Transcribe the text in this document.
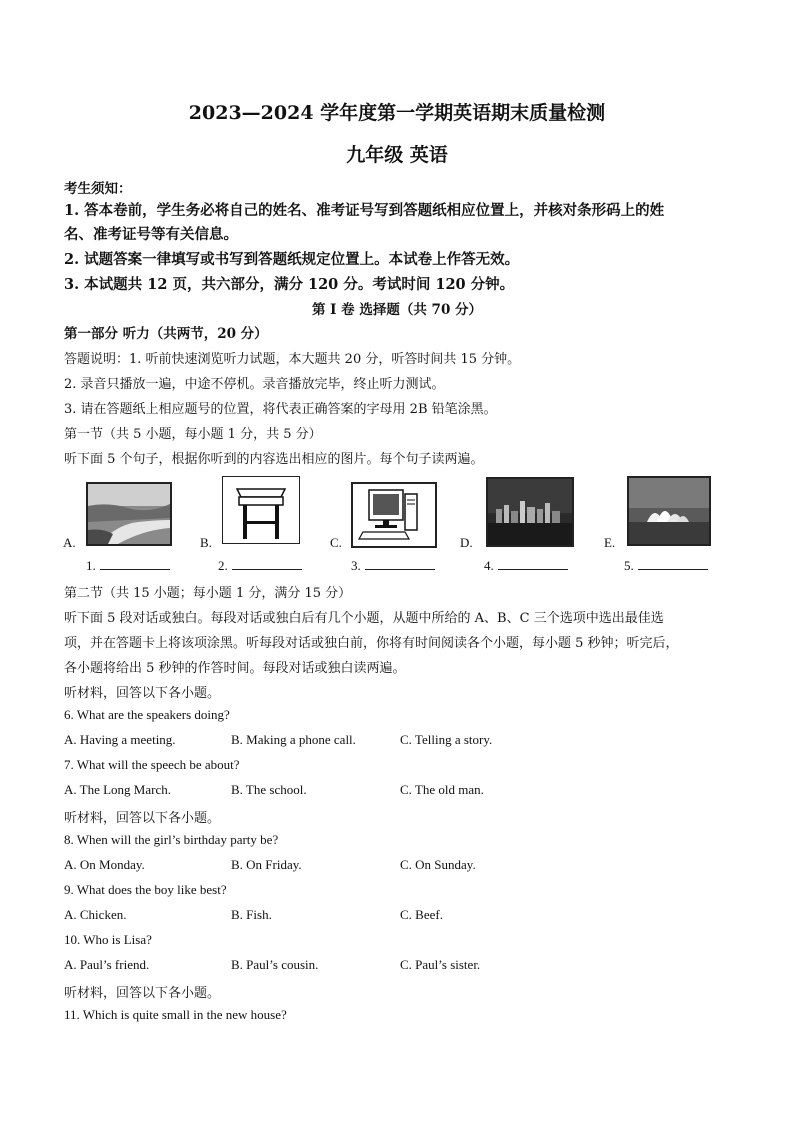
2023—2024 学年度第一学期英语期末质量检测
九年级 英语
考生须知：
1. 答本卷前，学生务必将自己的姓名、准考证号写到答题纸相应位置上，并核对条形码上的姓
名、准考证号等有关信息。
2. 试题答案一律填写或书写到答题纸规定位置上。本试卷上作答无效。
3. 本试题共 12 页，共六部分，满分 120 分。考试时间 120 分钟。
第 I 卷 选择题（共 70 分）
第一部分 听力（共两节，20 分）
答题说明：1. 听前快速浏览听力试题，本大题共 20 分，听答时间共 15 分钟。
2. 录音只播放一遍，中途不停机。录音播放完毕，终止听力测试。
3. 请在答题纸上相应题号的位置，将代表正确答案的字母用 2B 铅笔涂黑。
第一节（共 5 小题，每小题 1 分，共 5 分）
听下面 5 个句子，根据你听到的内容选出相应的图片。每个句子读两遍。
A.	B.	C.	D.	E.
1.	2.	3.	4.	5.
第二节（共 15 小题；每小题 1 分，满分 15 分）
听下面 5 段对话或独白。每段对话或独白后有几个小题，从题中所给的 A、B、C 三个选项中选出最佳选
项，并在答题卡上将该项涂黑。听每段对话或独白前，你将有时间阅读各个小题，每小题 5 秒钟；听完后，
各小题将给出 5 秒钟的作答时间。每段对话或独白读两遍。
听材料，回答以下各小题。
6. What are the speakers doing?
A. Having a meeting.	B. Making a phone call.	C. Telling a story.
7. What will the speech be about?
A. The Long March.	B. The school.	C. The old man.
听材料，回答以下各小题。
8. When will the girl’s birthday party be?
A. On Monday.	B. On Friday.	C. On Sunday.
9. What does the boy like best?
A. Chicken.	B. Fish.	C. Beef.
10. Who is Lisa?
A. Paul’s friend.	B. Paul’s cousin.	C. Paul’s sister.
听材料，回答以下各小题。
11. Which is quite small in the new house?
